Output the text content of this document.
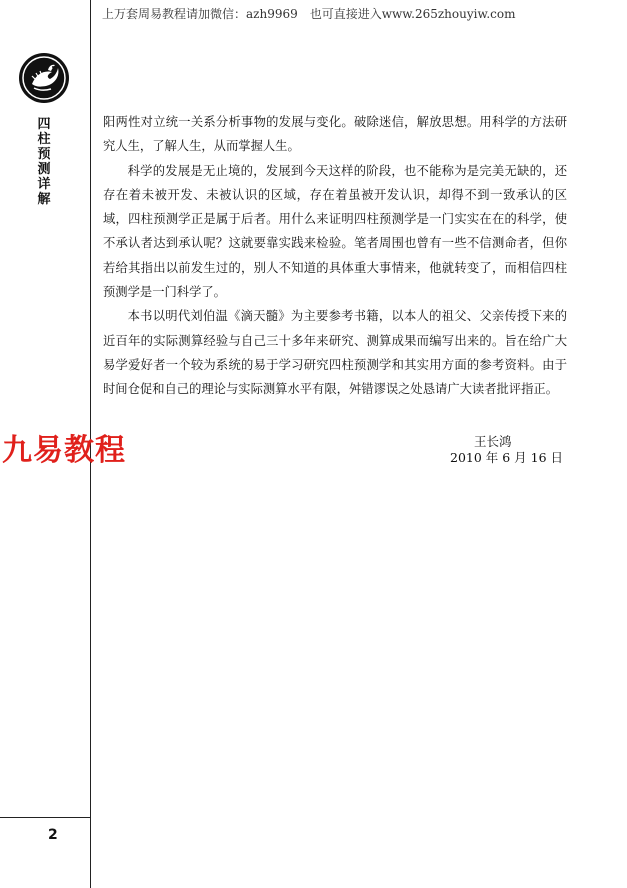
上万套周易教程请加微信：azh9969　也可直接进入www.265zhouyiw.com
四
柱
预
测
详
解

阳两性对立统一关系分析事物的发展与变化。破除迷信，解放思想。用科学的方法研究人生，了解人生，从而掌握人生。

科学的发展是无止境的，发展到今天这样的阶段，也不能称为是完美无缺的，还存在着未被开发、未被认识的区域，存在着虽被开发认识，却得不到一致承认的区域，四柱预测学正是属于后者。用什么来证明四柱预测学是一门实实在在的科学，使不承认者达到承认呢？这就要靠实践来检验。笔者周围也曾有一些不信测命者，但你若给其指出以前发生过的，别人不知道的具体重大事情来，他就转变了，而相信四柱预测学是一门科学了。

本书以明代刘伯温《滴天髓》为主要参考书籍，以本人的祖父、父亲传授下来的近百年的实际测算经验与自己三十多年来研究、测算成果而编写出来的。旨在给广大易学爱好者一个较为系统的易于学习研究四柱预测学和其实用方面的参考资料。由于时间仓促和自己的理论与实际测算水平有限，舛错谬误之处恳请广大读者批评指正。

九易教程	王长鸿
2010 年 6 月 16 日
2
